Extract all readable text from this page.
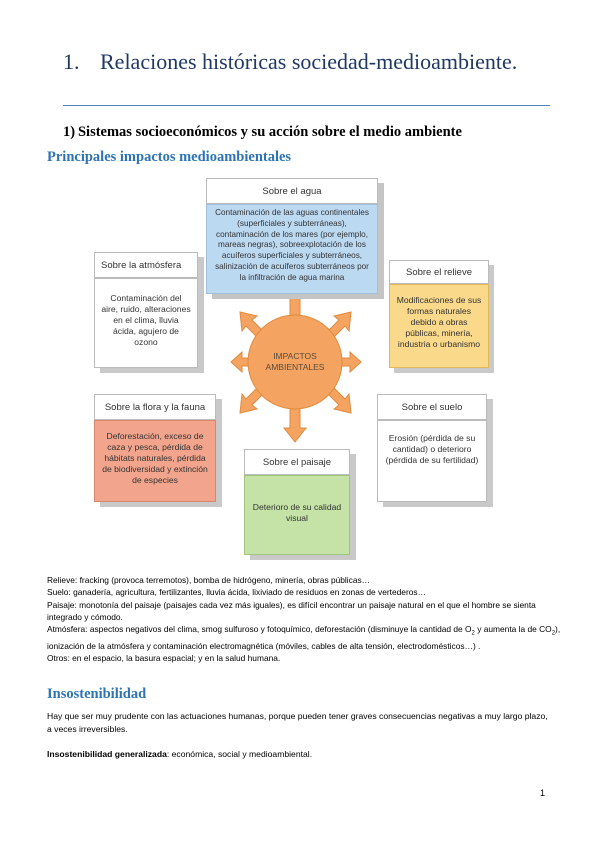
1. Relaciones históricas sociedad-medioambiente.
1) Sistemas socioeconómicos y su acción sobre el medio ambiente
Principales impactos medioambientales
IMPACTOS
AMBIENTALES
Sobre el agua
Contaminación de las aguas continentales (superficiales y subterráneas), contaminación de los mares (por ejemplo, mareas negras), sobreexplotación de los acuíferos superficiales y subterráneos, salinización de acuíferos subterráneos por la infiltración de agua marina
Sobre la atmósfera
Contaminación del aire, ruido, alteraciones en el clima, lluvia ácida, agujero de ozono
Sobre el relieve
Modificaciones de sus formas naturales debido a obras públicas, minería, industria o urbanismo
Sobre la flora y la fauna
Deforestación, exceso de caza y pesca, pérdida de hábitats naturales, pérdida de biodiversidad y extinción de especies
Sobre el suelo
Erosión (pérdida de su cantidad) o deterioro (pérdida de su fertilidad)
Sobre el paisaje
Deterioro de su calidad visual

Relieve: fracking (provoca terremotos), bomba de hidrógeno, minería, obras públicas…

Suelo: ganadería, agricultura, fertilizantes, lluvia ácida, lixiviado de residuos en zonas de vertederos…

Paisaje: monotonía del paisaje (paisajes cada vez más iguales), es difícil encontrar un paisaje natural en el que el hombre se sienta integrado y cómodo.

Atmósfera: aspectos negativos del clima, smog sulfuroso y fotoquímico, deforestación (disminuye la cantidad de $O_2$ y aumenta la de $CO_2$), ionización de la atmósfera y contaminación electromagnética (móviles, cables de alta tensión, electrodomésticos…) .

Otros: en el espacio, la basura espacial; y en la salud humana.

Insostenibilidad
Hay que ser muy prudente con las actuaciones humanas, porque pueden tener graves consecuencias negativas a muy largo plazo, a veces irreversibles.
Insostenibilidad generalizada: económica, social y medioambiental.
1
